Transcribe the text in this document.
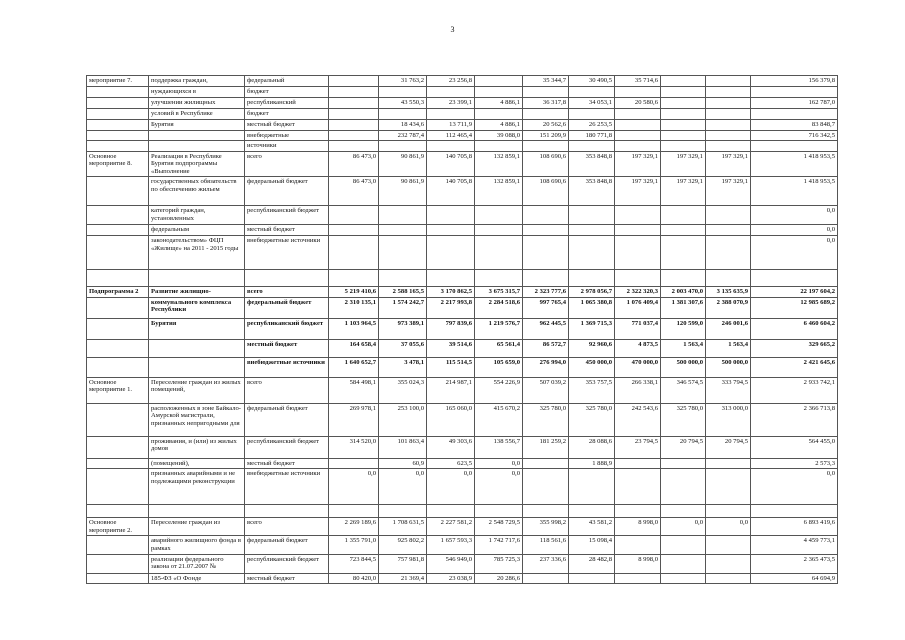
3
мероприятие 7.	поддержка граждан,	федеральный		31 763,2	23 256,8		35 344,7	30 490,5	35 714,6			156 379,8
	нуждающихся в	бюджет										
	улучшении жилищных	республиканский		43 550,3	23 399,1	4 886,1	36 317,8	34 053,1	20 580,6			162 787,0
	условий в Республике	бюджет										
	Бурятия	местный бюджет		18 434,6	13 711,9	4 886,1	20 562,6	26 253,5				83 848,7
		внебюджетные		232 787,4	112 465,4	39 088,0	151 209,9	180 771,8				716 342,5
		источники										
Основное мероприятие 8.	Реализация в Республике Бурятия подпрограммы «Выполнение	всего	86 473,0	90 861,9	140 705,8	132 859,1	108 690,6	353 848,8	197 329,1	197 329,1	197 329,1	1 418 953,5
	государственных обязательств по обеспечению жильем	федеральный бюджет	86 473,0	90 861,9	140 705,8	132 859,1	108 690,6	353 848,8	197 329,1	197 329,1	197 329,1	1 418 953,5
	категорий граждан, установленных	республиканский бюджет										0,0
	федеральным	местный бюджет										0,0
	законодательством» ФЦП «Жилище» на 2011 - 2015 годы	внебюджетные источники										0,0

Подпрограмма 2	Развитие жилищно-	всего	5 219 410,6	2 588 165,5	3 170 862,5	3 675 315,7	2 323 777,6	2 978 056,7	2 322 320,3	2 003 470,0	3 135 635,9	22 197 604,2
	коммунального комплекса Республики	федеральный бюджет	2 310 135,1	1 574 242,7	2 217 993,8	2 284 518,6	997 765,4	1 065 380,8	1 076 409,4	1 381 307,6	2 388 070,9	12 985 689,2
	Бурятия	республиканский бюджет	1 103 964,5	973 389,1	797 839,6	1 219 576,7	962 445,5	1 369 715,3	771 037,4	120 599,0	246 001,6	6 460 604,2
		местный бюджет	164 658,4	37 055,6	39 514,6	65 561,4	86 572,7	92 960,6	4 873,5	1 563,4	1 563,4	329 665,2
		внебюджетные источники	1 640 652,7	3 478,1	115 514,5	105 659,0	276 994,0	450 000,0	470 000,0	500 000,0	500 000,0	2 421 645,6
Основное мероприятие 1.	Переселение граждан из жилых помещений,	всего	584 498,1	355 024,3	214 987,1	554 226,9	507 039,2	353 757,5	266 338,1	346 574,5	333 794,5	2 933 742,1
	расположенных в зоне Байкало-Амурской магистрали, признанных непригодными для	федеральный бюджет	269 978,1	253 100,0	165 060,0	415 670,2	325 780,0	325 780,0	242 543,6	325 780,0	313 000,0	2 366 713,8
	проживания, и (или) из жилых домов	республиканский бюджет	314 520,0	101 863,4	49 303,6	138 556,7	181 259,2	28 088,6	23 794,5	20 794,5	20 794,5	564 455,0
	(помещений),	местный бюджет		60,9	623,5	0,0		1 888,9				2 573,3
	признанных аварийными и не подлежащими реконструкции	внебюджетные источники	0,0	0,0	0,0	0,0						0,0

Основное мероприятие 2.	Переселение граждан из	всего	2 269 189,6	1 708 631,5	2 227 581,2	2 548 729,5	355 998,2	43 581,2	8 998,0	0,0	0,0	6 893 419,6
	аварийного жилищного фонда в рамках	федеральный бюджет	1 355 791,0	925 802,2	1 657 593,3	1 742 717,6	118 561,6	15 098,4				4 459 773,1
	реализации федерального закона от 21.07.2007 №	республиканский бюджет	723 844,5	757 981,8	546 949,0	785 725,3	237 336,6	28 482,8	8 998,0			2 365 473,5
	185-ФЗ «О Фонде	местный бюджет	80 420,0	21 369,4	23 038,9	20 286,6						64 694,9
